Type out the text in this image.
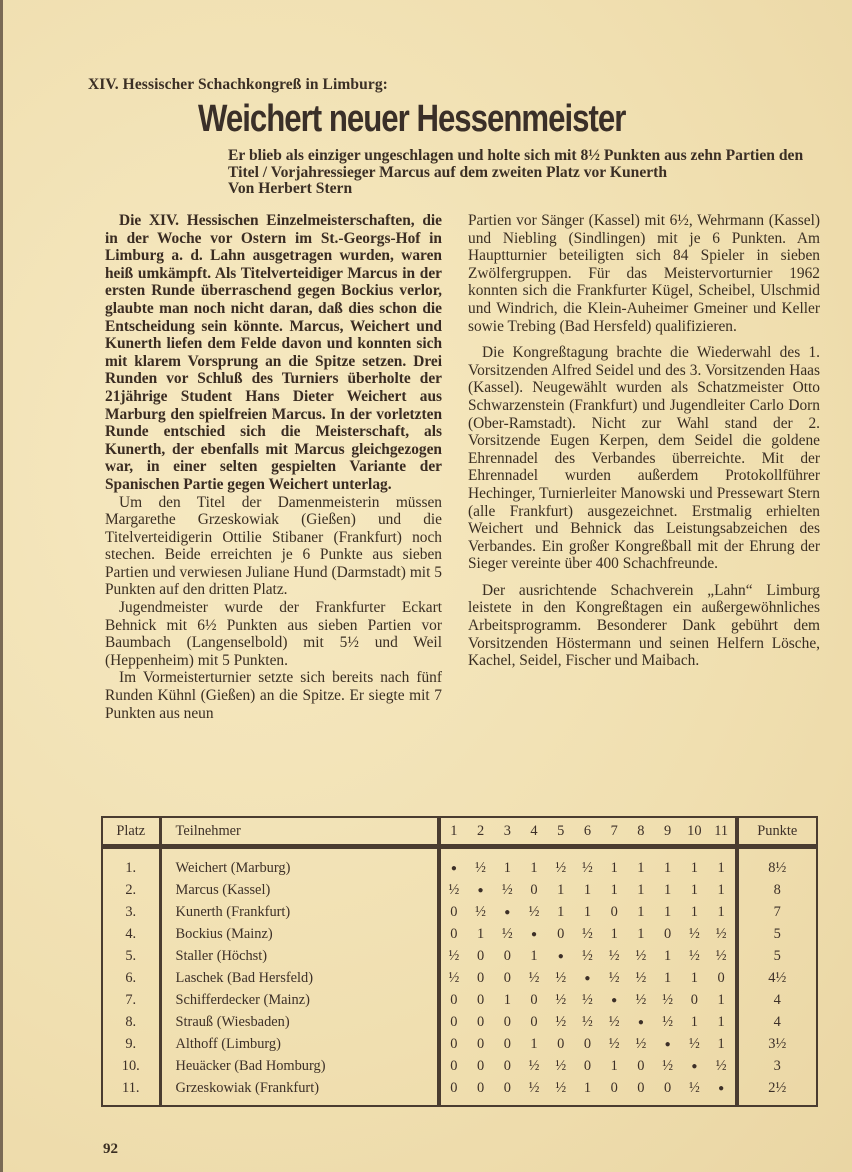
XIV. Hessischer Schachkongreß in Limburg:
Weichert neuer Hessenmeister
Er blieb als einziger ungeschlagen und holte sich mit 8½ Punkten aus zehn Partien den Titel / Vorjahressieger Marcus auf dem zweiten Platz vor Kunerth
Von Herbert Stern

Die XIV. Hessischen Einzelmeisterschaften, die in der Woche vor Ostern im St.-Georgs-Hof in Limburg a. d. Lahn ausgetragen wurden, waren heiß umkämpft. Als Titelverteidiger Marcus in der ersten Runde überraschend gegen Bockius verlor, glaubte man noch nicht daran, daß dies schon die Entscheidung sein könnte. Marcus, Weichert und Kunerth liefen dem Felde davon und konnten sich mit klarem Vorsprung an die Spitze setzen. Drei Runden vor Schluß des Turniers überholte der 21jährige Student Hans Dieter Weichert aus Marburg den spielfreien Marcus. In der vorletzten Runde entschied sich die Meisterschaft, als Kunerth, der ebenfalls mit Marcus gleichgezogen war, in einer selten gespielten Variante der Spanischen Partie gegen Weichert unterlag.

Um den Titel der Damenmeisterin müssen Margarethe Grzeskowiak (Gießen) und die Titelverteidigerin Ottilie Stibaner (Frankfurt) noch stechen. Beide erreichten je 6 Punkte aus sieben Partien und verwiesen Juliane Hund (Darmstadt) mit 5 Punkten auf den dritten Platz.

Jugendmeister wurde der Frankfurter Eckart Behnick mit 6½ Punkten aus sieben Partien vor Baumbach (Langenselbold) mit 5½ und Weil (Heppenheim) mit 5 Punkten.

Im Vormeisterturnier setzte sich bereits nach fünf Runden Kühnl (Gießen) an die Spitze. Er siegte mit 7 Punkten aus neun

Partien vor Sänger (Kassel) mit 6½, Wehrmann (Kassel) und Niebling (Sindlingen) mit je 6 Punkten. Am Hauptturnier beteiligten sich 84 Spieler in sieben Zwölfergruppen. Für das Meistervorturnier 1962 konnten sich die Frankfurter Kügel, Scheibel, Ulschmid und Windrich, die Klein-Auheimer Gmeiner und Keller sowie Trebing (Bad Hersfeld) qualifizieren.

Die Kongreßtagung brachte die Wiederwahl des 1. Vorsitzenden Alfred Seidel und des 3. Vorsitzenden Haas (Kassel). Neugewählt wurden als Schatzmeister Otto Schwarzenstein (Frankfurt) und Jugendleiter Carlo Dorn (Ober-Ramstadt). Nicht zur Wahl stand der 2. Vorsitzende Eugen Kerpen, dem Seidel die goldene Ehrennadel des Verbandes überreichte. Mit der Ehrennadel wurden außerdem Protokollführer Hechinger, Turnierleiter Manowski und Pressewart Stern (alle Frankfurt) ausgezeichnet. Erstmalig erhielten Weichert und Behnick das Leistungsabzeichen des Verbandes. Ein großer Kongreßball mit der Ehrung der Sieger vereinte über 400 Schachfreunde.

Der ausrichtende Schachverein „Lahn“ Limburg leistete in den Kongreßtagen ein außergewöhnliches Arbeitsprogramm. Besonderer Dank gebührt dem Vorsitzenden Höstermann und seinen Helfern Lösche, Kachel, Seidel, Fischer und Maibach.

Platz	Teilnehmer	1	2	3	4	5	6	7	8	9	10	11	Punkte
1.	Weichert (Marburg)	●	½	1	1	½	½	1	1	1	1	1	8½
2.	Marcus (Kassel)	½	●	½	0	1	1	1	1	1	1	1	8
3.	Kunerth (Frankfurt)	0	½	●	½	1	1	0	1	1	1	1	7
4.	Bockius (Mainz)	0	1	½	●	0	½	1	1	0	½	½	5
5.	Staller (Höchst)	½	0	0	1	●	½	½	½	1	½	½	5
6.	Laschek (Bad Hersfeld)	½	0	0	½	½	●	½	½	1	1	0	4½
7.	Schifferdecker (Mainz)	0	0	1	0	½	½	●	½	½	0	1	4
8.	Strauß (Wiesbaden)	0	0	0	0	½	½	½	●	½	1	1	4
9.	Althoff (Limburg)	0	0	0	1	0	0	½	½	●	½	1	3½
10.	Heuäcker (Bad Homburg)	0	0	0	½	½	0	1	0	½	●	½	3
11.	Grzeskowiak (Frankfurt)	0	0	0	½	½	1	0	0	0	½	●	2½
92
